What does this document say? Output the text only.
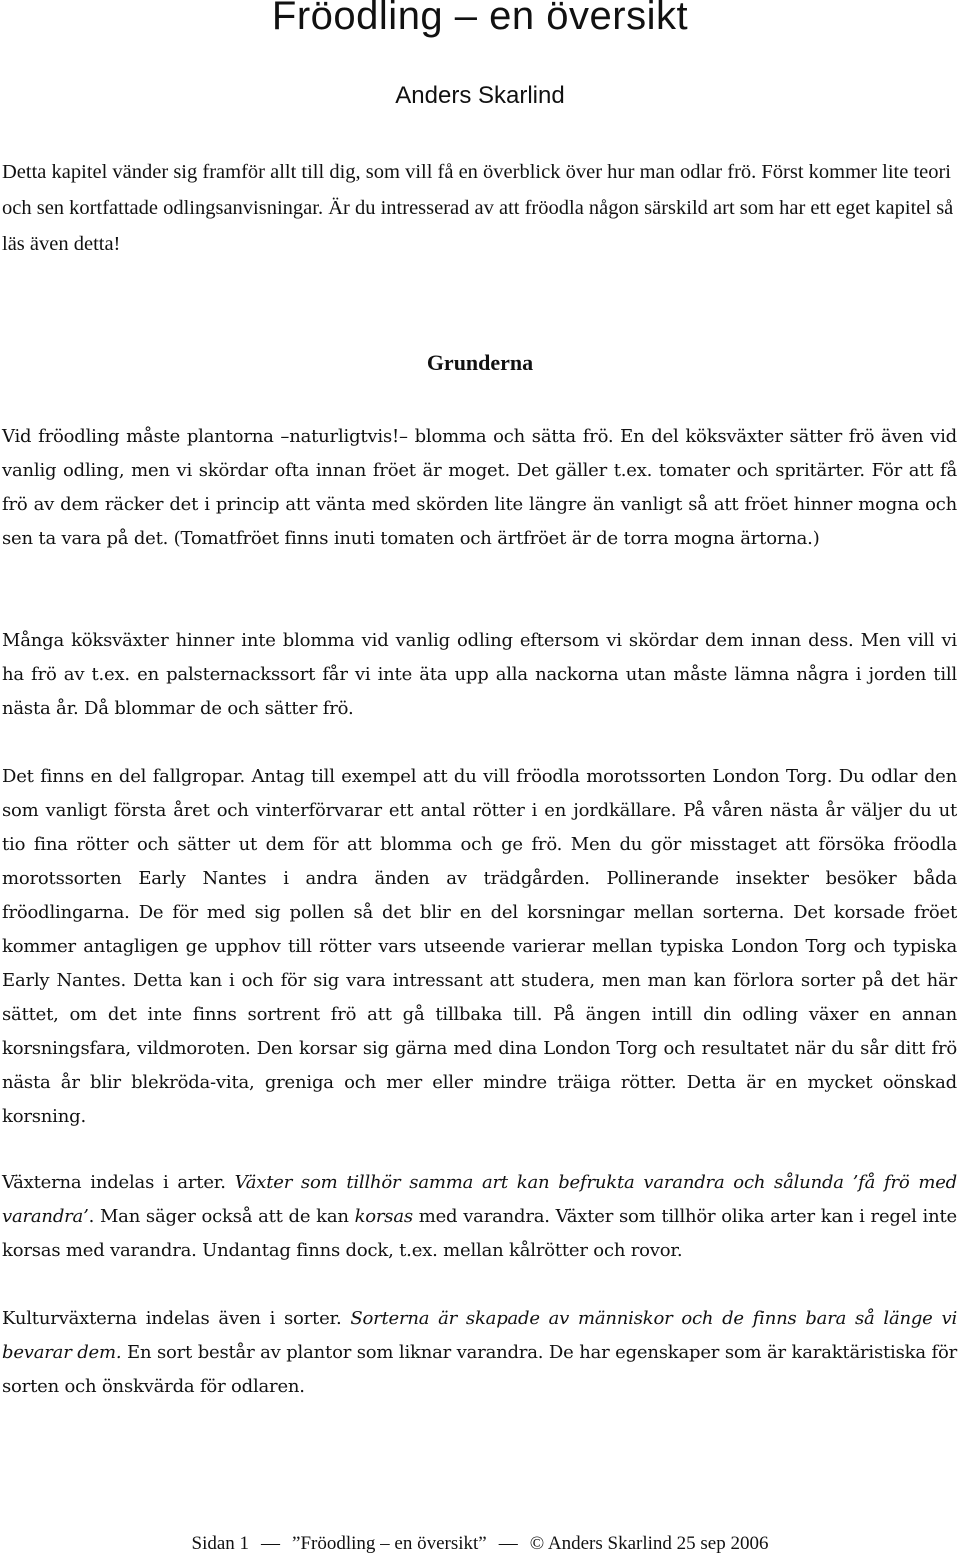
Fröodling – en översikt
Anders Skarlind

Detta kapitel vänder sig framför allt till dig, som vill få en överblick över hur man odlar frö. Först kommer lite teori och sen kortfattade odlingsanvisningar. Är du intresserad av att fröodla någon särskild art som har ett eget kapitel så läs även detta!

Grunderna

Vid fröodling måste plantorna –naturligtvis!– blomma och sätta frö. En del köksväxter sätter frö även vid vanlig odling, men vi skördar ofta innan fröet är moget. Det gäller t.ex. tomater och spritärter. För att få frö av dem räcker det i princip att vänta med skörden lite längre än vanligt så att fröet hinner mogna och sen ta vara på det. (Tomatfröet finns inuti tomaten och ärtfröet är de torra mogna ärtorna.)

Många köksväxter hinner inte blomma vid vanlig odling eftersom vi skördar dem innan dess. Men vill vi ha frö av t.ex. en palsternackssort får vi inte äta upp alla nackorna utan måste lämna några i jorden till nästa år. Då blommar de och sätter frö.

Det finns en del fallgropar. Antag till exempel att du vill fröodla morotssorten London Torg. Du odlar den som vanligt första året och vinterförvarar ett antal rötter i en jordkällare. På våren nästa år väljer du ut tio fina rötter och sätter ut dem för att blomma och ge frö. Men du gör misstaget att försöka fröodla morotssorten Early Nantes i andra änden av trädgården. Pollinerande insekter besöker båda fröodlingarna. De för med sig pollen så det blir en del korsningar mellan sorterna. Det korsade fröet kommer antagligen ge upphov till rötter vars utseende varierar mellan typiska London Torg och typiska Early Nantes. Detta kan i och för sig vara intressant att studera, men man kan förlora sorter på det här sättet, om det inte finns sortrent frö att gå tillbaka till. På ängen intill din odling växer en annan korsningsfara, vildmoroten. Den korsar sig gärna med dina London Torg och resultatet när du sår ditt frö nästa år blir blekröda-vita, greniga och mer eller mindre träiga rötter. Detta är en mycket oönskad korsning.

Växterna indelas i arter. Växter som tillhör samma art kan befrukta varandra och sålunda ’få frö med varandra’. Man säger också att de kan korsas med varandra. Växter som tillhör olika arter kan i regel inte korsas med varandra. Undantag finns dock, t.ex. mellan kålrötter och rovor.

Kulturväxterna indelas även i sorter. Sorterna är skapade av människor och de finns bara så länge vi bevarar dem. En sort består av plantor som liknar varandra. De har egenskaper som är karaktäristiska för sorten och önskvärda för odlaren.

Sidan 1 — ”Fröodling – en översikt” — © Anders Skarlind 25 sep 2006
